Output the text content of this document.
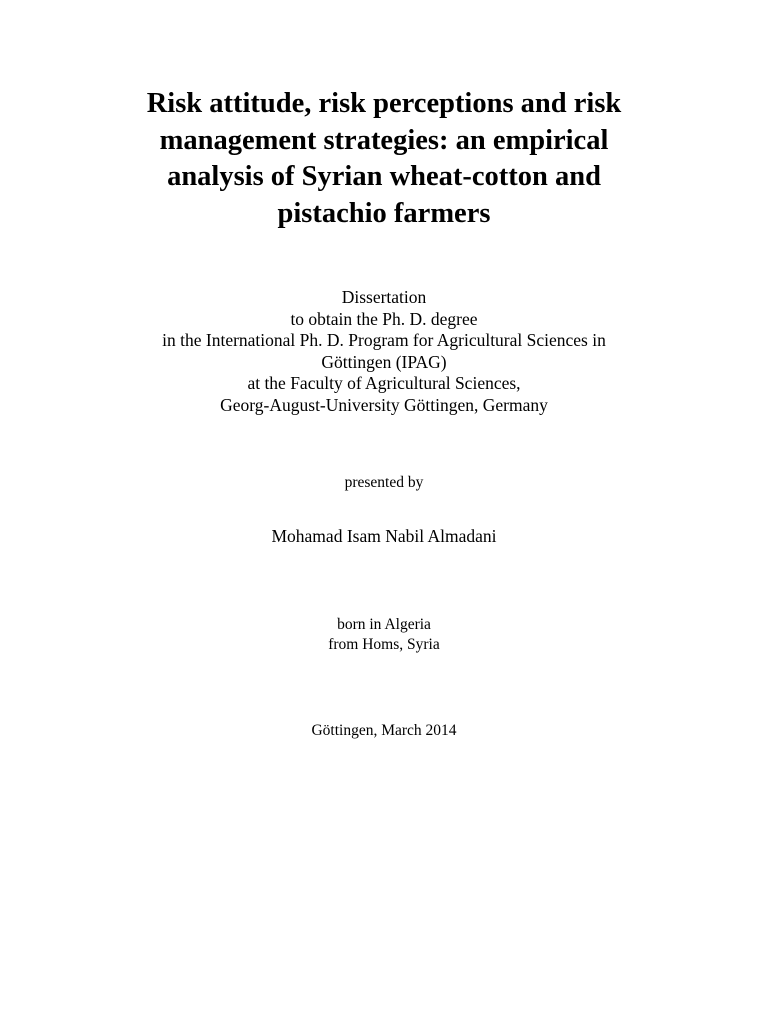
Risk attitude, risk perceptions and risk
management strategies: an empirical
analysis of Syrian wheat-cotton and
pistachio farmers
Dissertation
to obtain the Ph. D. degree
in the International Ph. D. Program for Agricultural Sciences in
Göttingen (IPAG)
at the Faculty of Agricultural Sciences,
Georg-August-University Göttingen, Germany
presented by
Mohamad Isam Nabil Almadani
born in Algeria
from Homs, Syria
Göttingen, March 2014
